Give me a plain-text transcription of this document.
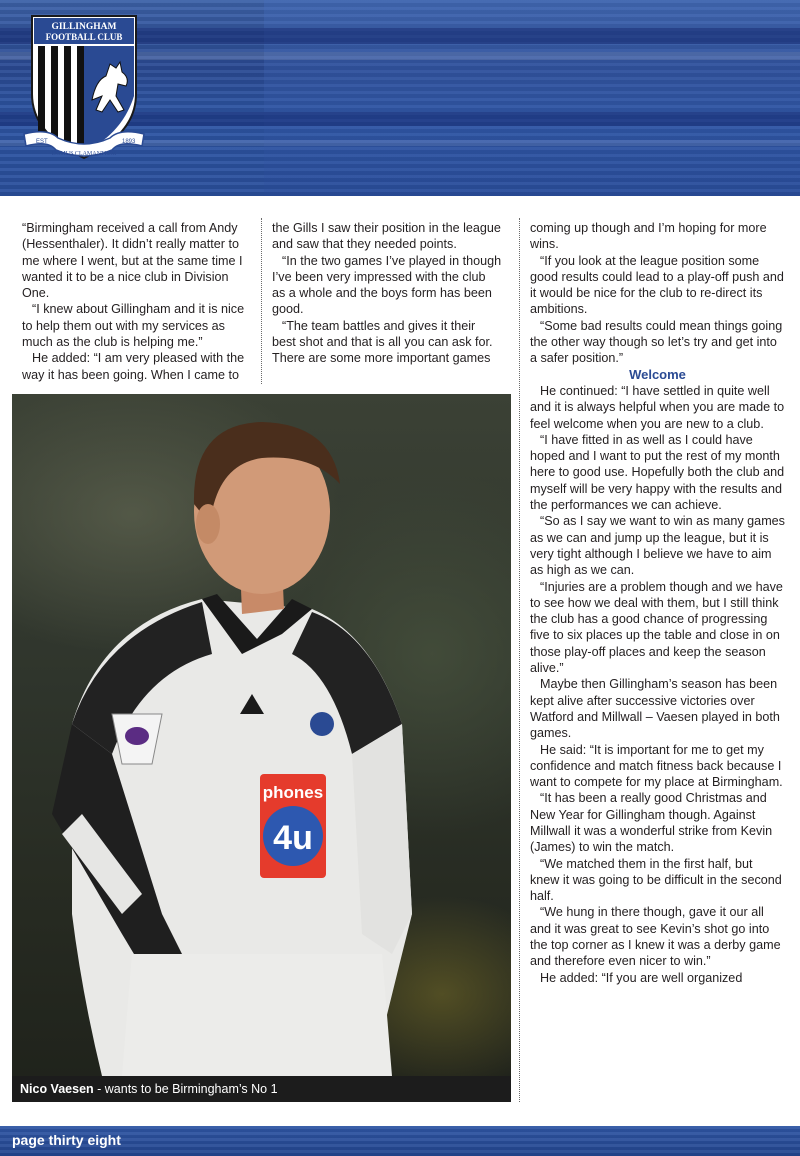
GILLINGHAM
FOOTBALL CLUB
EST	1893
DOMUS CLAMANTIUM

“Birmingham received a call from Andy (Hessenthaler). It didn’t really matter to me where I went, but at the same time I wanted it to be a nice club in Division One.

“I knew about Gillingham and it is nice to help them out with my services as much as the club is helping me.”

He added: “I am very pleased with the way it has been going. When I came to

the Gills I saw their position in the league and saw that they needed points.

“In the two games I’ve played in though I’ve been very impressed with the club as a whole and the boys form has been good.

“The team battles and gives it their best shot and that is all you can ask for. There are some more important games

coming up though and I’m hoping for more wins.

“If you look at the league position some good results could lead to a play-off push and it would be nice for the club to re-direct its ambitions.

“Some bad results could mean things going the other way though so let’s try and get into a safer position.”

Welcome

He continued: “I have settled in quite well and it is always helpful when you are made to feel welcome when you are new to a club.

“I have fitted in as well as I could have hoped and I want to put the rest of my month here to good use. Hopefully both the club and myself will be very happy with the results and the performances we can achieve.

“So as I say we want to win as many games as we can and jump up the league, but it is very tight although I believe we have to aim as high as we can.

“Injuries are a problem though and we have to see how we deal with them, but I still think the club has a good chance of progressing five to six places up the table and close in on those play-off places and keep the season alive.”

Maybe then Gillingham’s season has been kept alive after successive victories over Watford and Millwall – Vaesen played in both games.

He said: “It is important for me to get my confidence and match fitness back because I want to compete for my place at Birmingham.

“It has been a really good Christmas and New Year for Gillingham though. Against Millwall it was a wonderful strike from Kevin (James) to win the match.

“We matched them in the first half, but knew it was going to be difficult in the second half.

“We hung in there though, gave it our all and it was great to see Kevin’s shot go into the top corner as I knew it was a derby game and therefore even nicer to win.”

He added: “If you are well organized

phones
4u
Nico Vaesen - wants to be Birmingham’s No 1
page thirty eight
